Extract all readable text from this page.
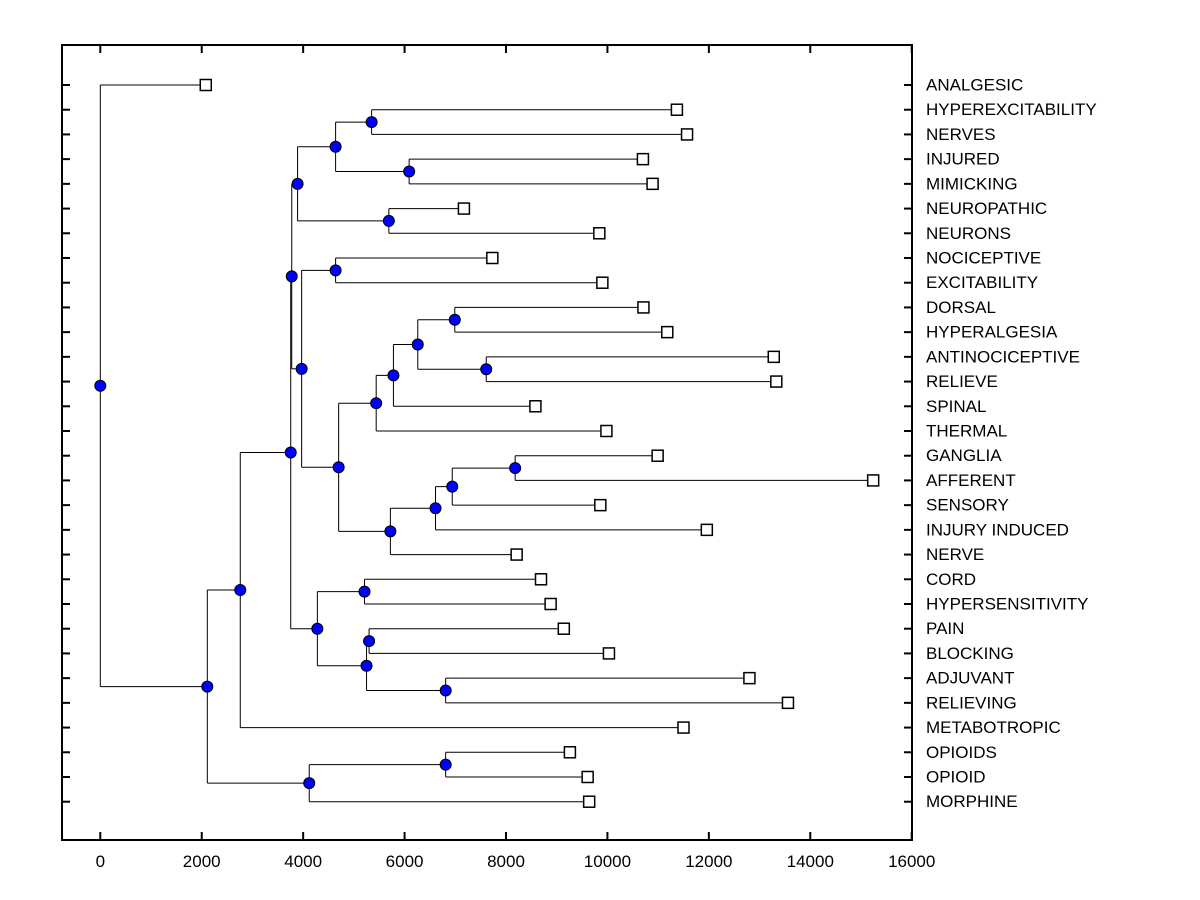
0	2000	4000	6000	8000	10000	12000	14000	16000
ANALGESIC
HYPEREXCITABILITY
NERVES
INJURED
MIMICKING
NEUROPATHIC
NEURONS
NOCICEPTIVE
EXCITABILITY
DORSAL
HYPERALGESIA
ANTINOCICEPTIVE
RELIEVE
SPINAL
THERMAL
GANGLIA
AFFERENT
SENSORY
INJURY INDUCED
NERVE
CORD
HYPERSENSITIVITY
PAIN
BLOCKING
ADJUVANT
RELIEVING
METABOTROPIC
OPIOIDS
OPIOID
MORPHINE
